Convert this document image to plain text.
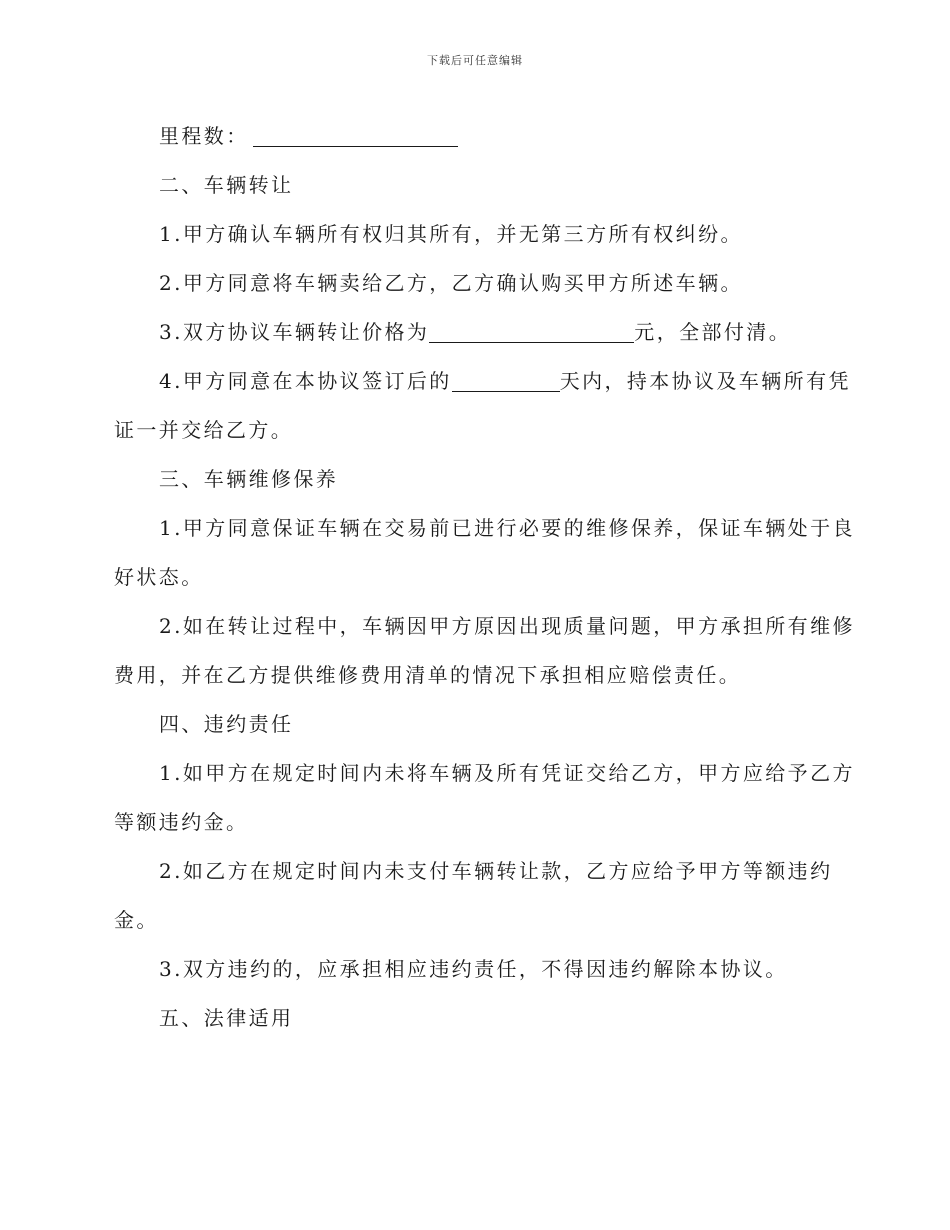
下载后可任意编辑
里程数：
二、车辆转让
1.甲方确认车辆所有权归其所有，并无第三方所有权纠纷。
2.甲方同意将车辆卖给乙方，乙方确认购买甲方所述车辆。
3.双方协议车辆转让价格为	元，全部付清。
4.甲方同意在本协议签订后的	天内，持本协议及车辆所有凭
证一并交给乙方。
三、车辆维修保养
1.甲方同意保证车辆在交易前已进行必要的维修保养，保证车辆处于良
好状态。
2.如在转让过程中，车辆因甲方原因出现质量问题，甲方承担所有维修
费用，并在乙方提供维修费用清单的情况下承担相应赔偿责任。
四、违约责任
1.如甲方在规定时间内未将车辆及所有凭证交给乙方，甲方应给予乙方
等额违约金。
2.如乙方在规定时间内未支付车辆转让款，乙方应给予甲方等额违约
金。
3.双方违约的，应承担相应违约责任，不得因违约解除本协议。
五、法律适用
